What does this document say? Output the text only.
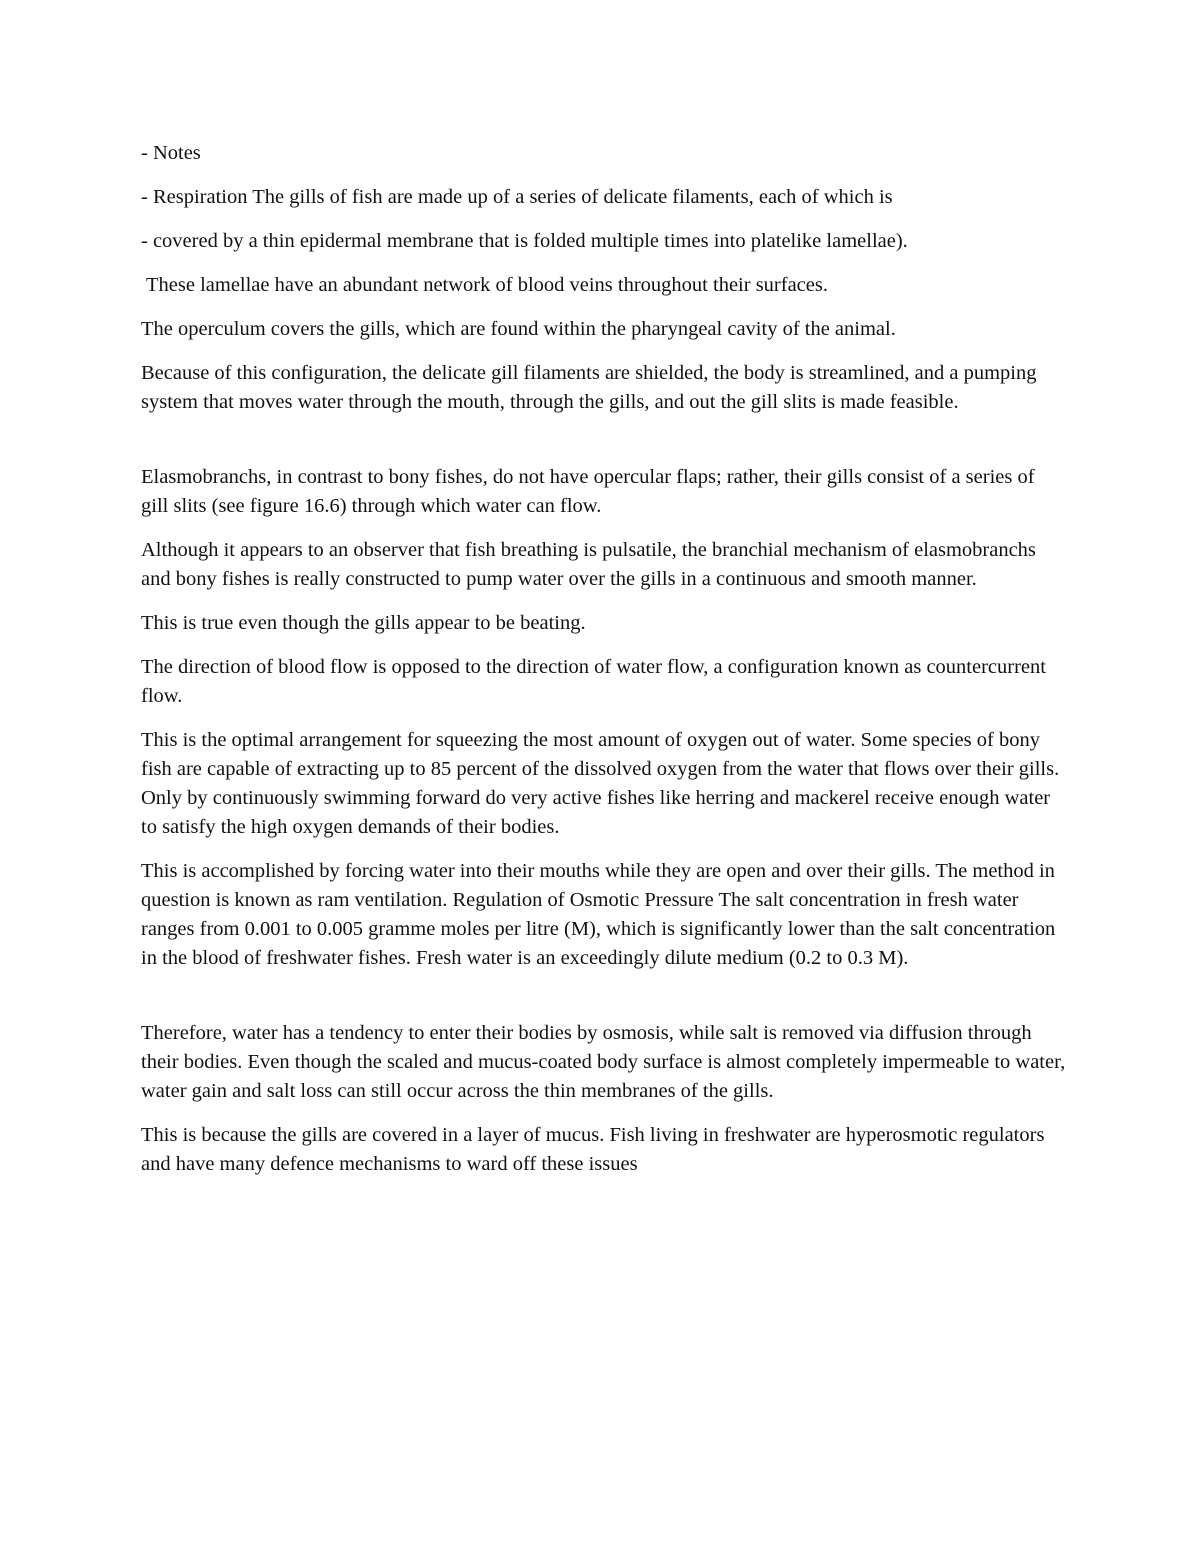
- Notes

- Respiration The gills of fish are made up of a series of delicate filaments, each of which is

- covered by a thin epidermal membrane that is folded multiple times into platelike lamellae).

These lamellae have an abundant network of blood veins throughout their surfaces.

The operculum covers the gills, which are found within the pharyngeal cavity of the animal.

Because of this configuration, the delicate gill filaments are shielded, the body is streamlined, and a pumping system that moves water through the mouth, through the gills, and out the gill slits is made feasible.

Elasmobranchs, in contrast to bony fishes, do not have opercular flaps; rather, their gills consist of a series of gill slits (see figure 16.6) through which water can flow.

Although it appears to an observer that fish breathing is pulsatile, the branchial mechanism of elasmobranchs and bony fishes is really constructed to pump water over the gills in a continuous and smooth manner.

This is true even though the gills appear to be beating.

The direction of blood flow is opposed to the direction of water flow, a configuration known as countercurrent flow.

This is the optimal arrangement for squeezing the most amount of oxygen out of water. Some species of bony fish are capable of extracting up to 85 percent of the dissolved oxygen from the water that flows over their gills. Only by continuously swimming forward do very active fishes like herring and mackerel receive enough water to satisfy the high oxygen demands of their bodies.

This is accomplished by forcing water into their mouths while they are open and over their gills. The method in question is known as ram ventilation. Regulation of Osmotic Pressure The salt concentration in fresh water ranges from 0.001 to 0.005 gramme moles per litre (M), which is significantly lower than the salt concentration in the blood of freshwater fishes. Fresh water is an exceedingly dilute medium (0.2 to 0.3 M).

Therefore, water has a tendency to enter their bodies by osmosis, while salt is removed via diffusion through their bodies. Even though the scaled and mucus-coated body surface is almost completely impermeable to water, water gain and salt loss can still occur across the thin membranes of the gills.

This is because the gills are covered in a layer of mucus. Fish living in freshwater are hyperosmotic regulators and have many defence mechanisms to ward off these issues
